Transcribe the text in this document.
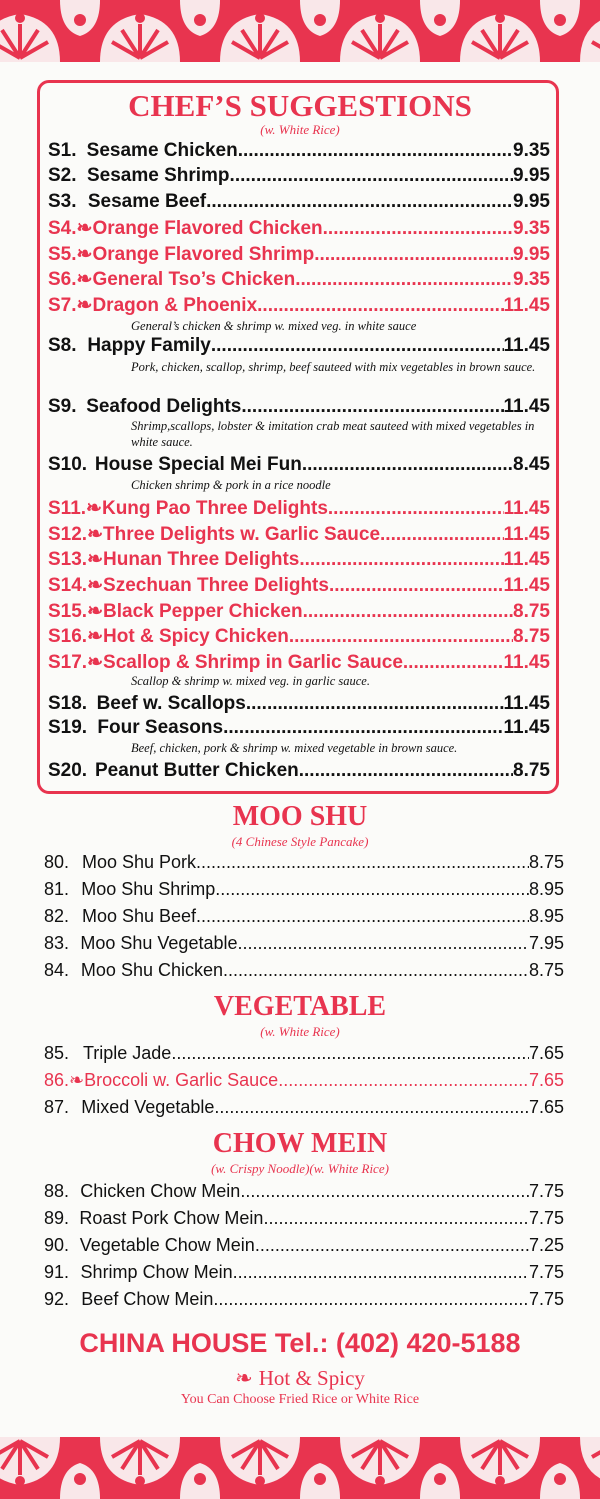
CHEF’S SUGGESTIONS
(w. White Rice)
S1. Sesame Chicken .....	9.35
S2. Sesame Shrimp .....	9.95
S3. Sesame Beef .....	9.95
S4. ❧ Orange Flavored Chicken .....	9.35
S5. ❧ Orange Flavored Shrimp .....	9.95
S6. ❧ General Tso’s Chicken .....	9.35
S7. ❧ Dragon & Phoenix .....	11.45
General’s chicken & shrimp w. mixed veg. in white sauce
S8. Happy Family .....	11.45
Pork, chicken, scallop, shrimp, beef sauteed with mix vegetables in brown sauce.
S9. Seafood Delights .....	11.45
Shrimp,scallops, lobster & imitation crab meat sauteed with mixed vegetables in white sauce.
S10. House Special Mei Fun .....	8.45
Chicken shrimp & pork in a rice noodle
S11. ❧ Kung Pao Three Delights .....	11.45
S12. ❧ Three Delights w. Garlic Sauce .....	11.45
S13. ❧ Hunan Three Delights .....	11.45
S14. ❧ Szechuan Three Delights .....	11.45
S15. ❧ Black Pepper Chicken .....	8.75
S16. ❧ Hot & Spicy Chicken .....	8.75
S17. ❧ Scallop & Shrimp in Garlic Sauce .....	11.45
Scallop & shrimp w. mixed veg. in garlic sauce.
S18. Beef w. Scallops .....	11.45
S19. Four Seasons .....	11.45
Beef, chicken, pork & shrimp w. mixed vegetable in brown sauce.
S20. Peanut Butter Chicken .....	8.75
MOO SHU
(4 Chinese Style Pancake)
80. Moo Shu Pork .....	8.75
81. Moo Shu Shrimp .....	8.95
82. Moo Shu Beef .....	8.95
83. Moo Shu Vegetable .....	7.95
84. Moo Shu Chicken .....	8.75
VEGETABLE
(w. White Rice)
85. Triple Jade .....	7.65
86. ❧ Broccoli w. Garlic Sauce .....	7.65
87. Mixed Vegetable .....	7.65
CHOW MEIN
(w. Crispy Noodle)(w. White Rice)
88. Chicken Chow Mein .....	7.75
89. Roast Pork Chow Mein .....	7.75
90. Vegetable Chow Mein .....	7.25
91. Shrimp Chow Mein .....	7.75
92. Beef Chow Mein .....	7.75
CHINA HOUSE Tel.: (402) 420-5188
❧ Hot & Spicy
You Can Choose Fried Rice or White Rice
